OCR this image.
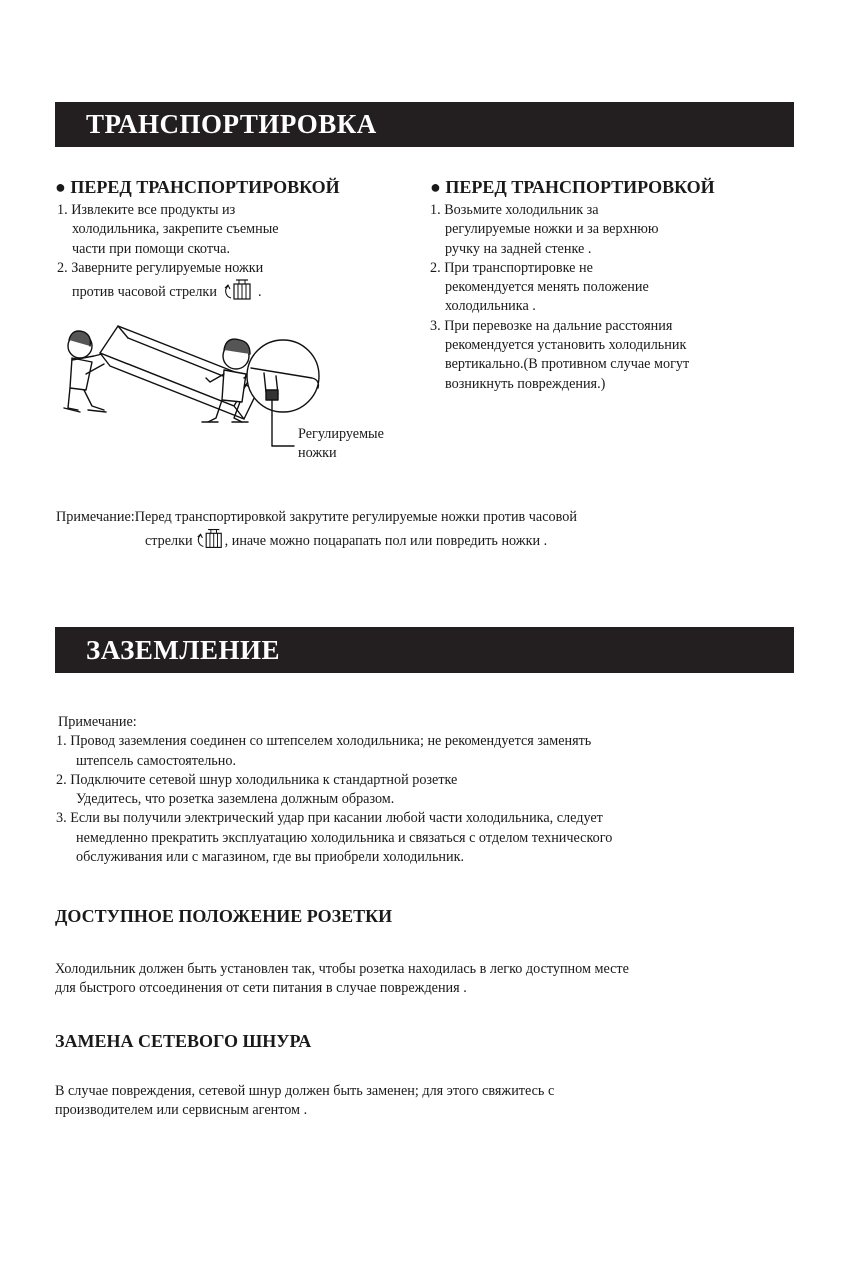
ТРАНСПОРТИРОВКА
● ПЕРЕД ТРАНСПОРТИРОВКОЙ
1. Извлеките все продукты из
холодильника, закрепите съемные
части при помощи скотча.
2. Заверните регулируемые ножки
против часовой стрелки	.
● ПЕРЕД ТРАНСПОРТИРОВКОЙ
1. Возьмите холодильник за
регулируемые ножки и за верхнюю
ручку на задней стенке .
2. При транспортировке не
рекомендуется менять положение
холодильника .
3. При перевозке на дальние расстояния
рекомендуется установить холодильник
вертикально.(В противном случае могут
возникнуть повреждения.)
Регулируемые
ножки
Примечание:Перед транспортировкой закрутите регулируемые ножки против часовой
стрелки , иначе можно поцарапать пол или повредить ножки .
ЗАЗЕМЛЕНИЕ
Примечание:
1. Провод заземления соединен со штепселем холодильника; не рекомендуется заменять
штепсель самостоятельно.
2. Подключите сетевой шнур холодильника к стандартной розетке
Удедитесь, что розетка заземлена должным образом.
3. Если вы получили электрический удар при касании любой части холодильника, следует
немедленно прекратить эксплуатацию холодильника и связаться с отделом технического
обслуживания или с магазином, где вы приобрели холодильник.
ДОСТУПНОЕ ПОЛОЖЕНИЕ РОЗЕТКИ
Холодильник должен быть установлен так, чтобы розетка находилась в легко доступном месте
для быстрого отсоединения от сети питания в случае повреждения .
ЗАМЕНА СЕТЕВОГО ШНУРА
В случае повреждения, сетевой шнур должен быть заменен; для этого свяжитесь с
производителем или сервисным агентом .
